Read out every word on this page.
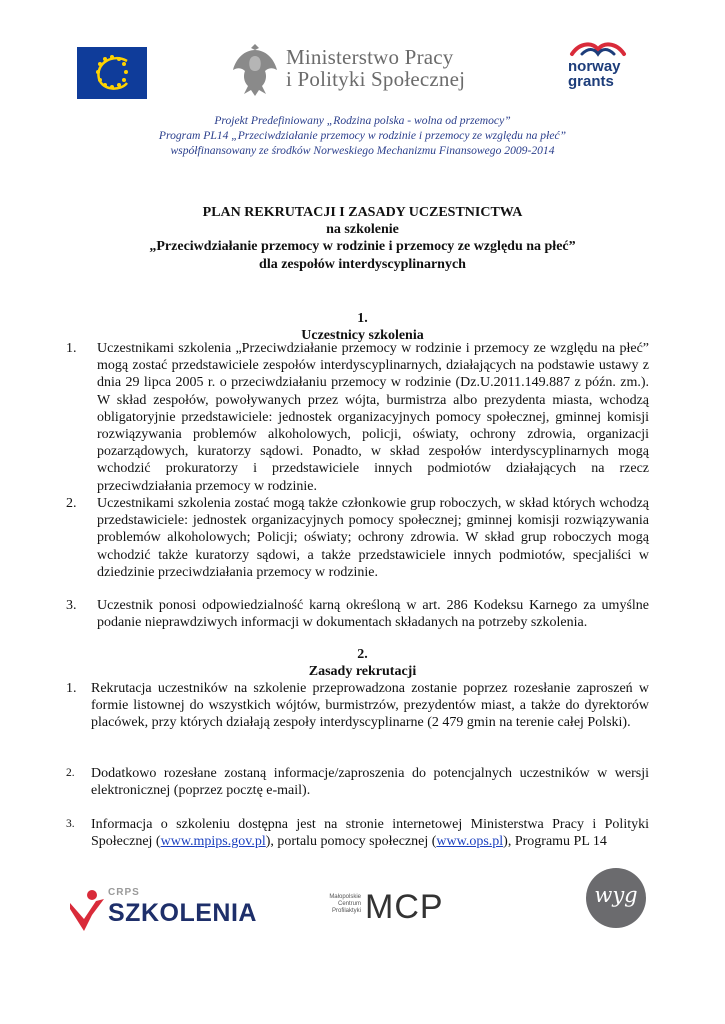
Ministerstwo Pracy
i Polityki Społecznej
norway
grants
Projekt Predefiniowany „Rodzina polska - wolna od przemocy”
Program PL14 „Przeciwdziałanie przemocy w rodzinie i przemocy ze względu na płeć”
współfinansowany ze środków Norweskiego Mechanizmu Finansowego 2009-2014
PLAN REKRUTACJI I ZASADY UCZESTNICTWA
na szkolenie
„Przeciwdziałanie przemocy w rodzinie i przemocy ze względu na płeć”
dla zespołów interdyscyplinarnych
1.
Uczestnicy szkolenia
1. Uczestnikami szkolenia „Przeciwdziałanie przemocy w rodzinie i przemocy ze względu na płeć” mogą zostać przedstawiciele zespołów interdyscyplinarnych, działających na podstawie ustawy z dnia 29 lipca 2005 r. o przeciwdziałaniu przemocy w rodzinie (Dz.U.2011.149.887 z późn. zm.). W skład zespołów, powoływanych przez wójta, burmistrza albo prezydenta miasta, wchodzą obligatoryjnie przedstawiciele: jednostek organizacyjnych pomocy społecznej, gminnej komisji rozwiązywania problemów alkoholowych, policji, oświaty, ochrony zdrowia, organizacji pozarządowych, kuratorzy sądowi. Ponadto, w skład zespołów interdyscyplinarnych mogą wchodzić prokuratorzy i przedstawiciele innych podmiotów działających na rzecz przeciwdziałania przemocy w rodzinie.
2. Uczestnikami szkolenia zostać mogą także członkowie grup roboczych, w skład których wchodzą przedstawiciele: jednostek organizacyjnych pomocy społecznej; gminnej komisji rozwiązywania problemów alkoholowych; Policji; oświaty; ochrony zdrowia. W skład grup roboczych mogą wchodzić także kuratorzy sądowi, a także przedstawiciele innych podmiotów, specjaliści w dziedzinie przeciwdziałania przemocy w rodzinie.
3. Uczestnik ponosi odpowiedzialność karną określoną w art. 286 Kodeksu Karnego za umyślne podanie nieprawdziwych informacji w dokumentach składanych na potrzeby szkolenia.
2.
Zasady rekrutacji
1. Rekrutacja uczestników na szkolenie przeprowadzona zostanie poprzez rozesłanie zaproszeń w formie listownej do wszystkich wójtów, burmistrzów, prezydentów miast, a także do dyrektorów placówek, przy których działają zespoły interdyscyplinarne (2 479 gmin na terenie całej Polski).
2. Dodatkowo rozesłane zostaną informacje/zaproszenia do potencjalnych uczestników w wersji elektronicznej (poprzez pocztę e-mail).
3. Informacja o szkoleniu dostępna jest na stronie internetowej Ministerstwa Pracy i Polityki Społecznej (www.mpips.gov.pl), portalu pomocy społecznej (www.ops.pl), Programu PL 14
CRPS
SZKOLENIA
Małopolskie Centrum Profilaktyki MCP	wyg
